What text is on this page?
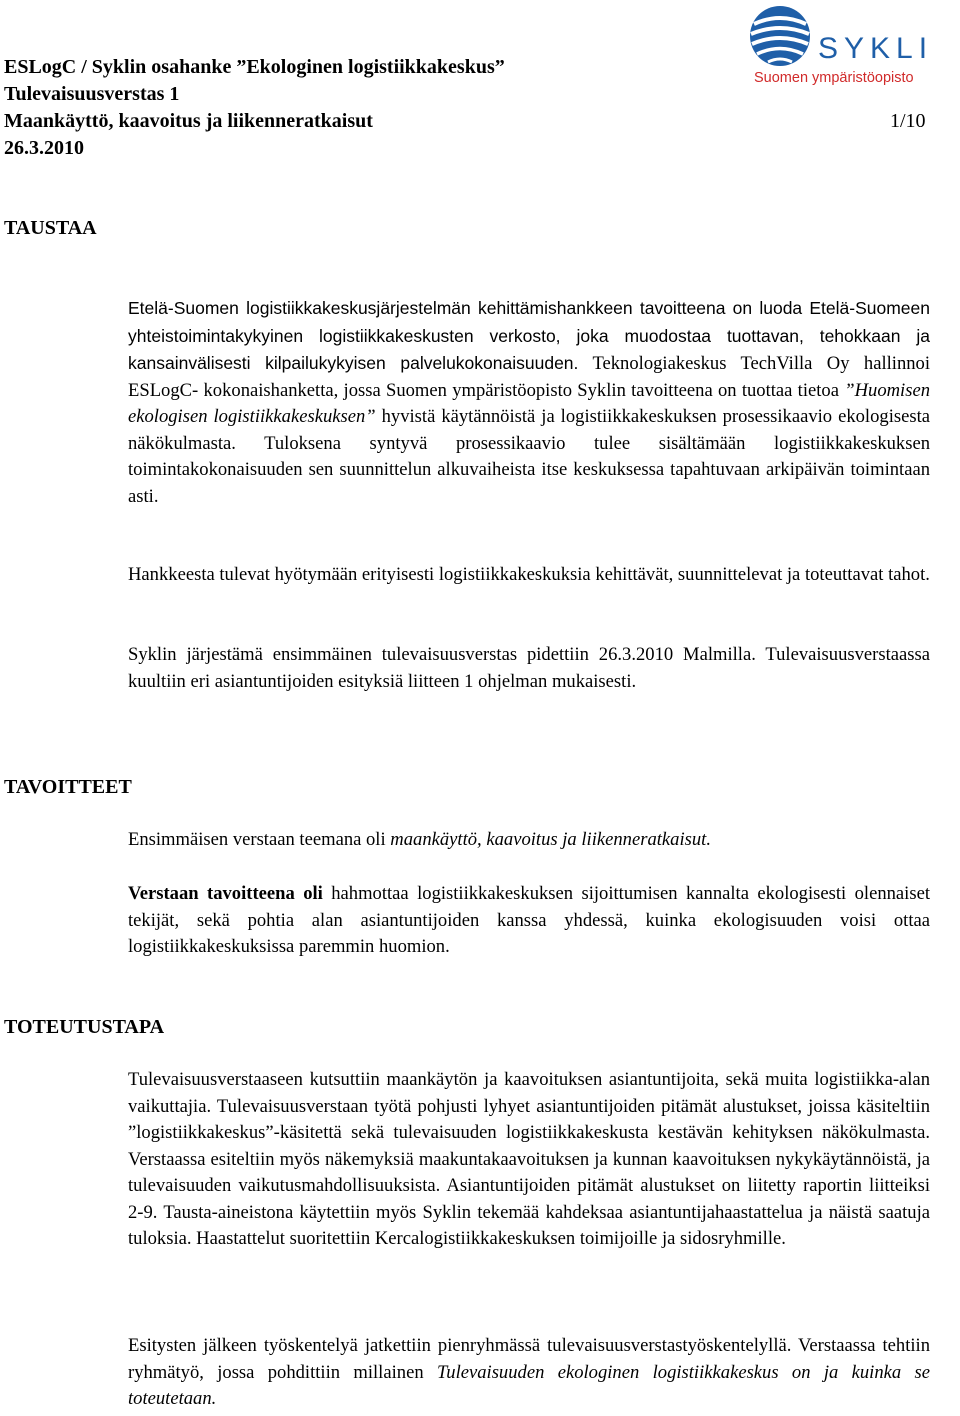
ESLogC / Syklin osahanke ”Ekologinen logistiikkakeskus”
Tulevaisuusverstas 1
Maankäyttö, kaavoitus ja liikenneratkaisut
26.3.2010
1/10
SYKLI
Suomen ympäristöopisto
TAUSTAA
Etelä-Suomen logistiikkakeskusjärjestelmän kehittämishankkeen tavoitteena on luoda Etelä-Suomeen yhteistoimintakykyinen logistiikkakeskusten verkosto, joka muodostaa tuottavan, tehokkaan ja kansainvälisesti kilpailukykyisen palvelukokonaisuuden. Teknologiakeskus TechVilla Oy hallinnoi ESLogC- kokonaishanketta, jossa Suomen ympäristöopisto Syklin tavoitteena on tuottaa tietoa ”Huomisen ekologisen logistiikkakeskuksen” hyvistä käytännöistä ja logistiikkakeskuksen prosessikaavio ekologisesta näkökulmasta. Tuloksena syntyvä prosessikaavio tulee sisältämään logistiikkakeskuksen toimintakokonaisuuden sen suunnittelun alkuvaiheista itse keskuksessa tapahtuvaan arkipäivän toimintaan asti.
Hankkeesta tulevat hyötymään erityisesti logistiikkakeskuksia kehittävät, suunnittelevat ja toteuttavat tahot.
Syklin järjestämä ensimmäinen tulevaisuusverstas pidettiin 26.3.2010 Malmilla. Tulevaisuusverstaassa kuultiin eri asiantuntijoiden esityksiä liitteen 1 ohjelman mukaisesti.
TAVOITTEET
Ensimmäisen verstaan teemana oli maankäyttö, kaavoitus ja liikenneratkaisut.
Verstaan tavoitteena oli hahmottaa logistiikkakeskuksen sijoittumisen kannalta ekologisesti olennaiset tekijät, sekä pohtia alan asiantuntijoiden kanssa yhdessä, kuinka ekologisuuden voisi ottaa logistiikkakeskuksissa paremmin huomion.
TOTEUTUSTAPA
Tulevaisuusverstaaseen kutsuttiin maankäytön ja kaavoituksen asiantuntijoita, sekä muita logistiikka-alan vaikuttajia. Tulevaisuusverstaan työtä pohjusti lyhyet asiantuntijoiden pitämät alustukset, joissa käsiteltiin ”logistiikkakeskus”-käsitettä sekä tulevaisuuden logistiikkakeskusta kestävän kehityksen näkökulmasta. Verstaassa esiteltiin myös näkemyksiä maakuntakaavoituksen ja kunnan kaavoituksen nykykäytännöistä, ja tulevaisuuden vaikutusmahdollisuuksista. Asiantuntijoiden pitämät alustukset on liitetty raportin liitteiksi 2-9. Tausta-aineistona käytettiin myös Syklin tekemää kahdeksaa asiantuntijahaastattelua ja näistä saatuja tuloksia. Haastattelut suoritettiin Kercalogistiikkakeskuksen toimijoille ja sidosryhmille.
Esitysten jälkeen työskentelyä jatkettiin pienryhmässä tulevaisuusverstastyöskentelyllä. Verstaassa tehtiin ryhmätyö, jossa pohdittiin millainen Tulevaisuuden ekologinen logistiikkakeskus on ja kuinka se toteutetaan.
